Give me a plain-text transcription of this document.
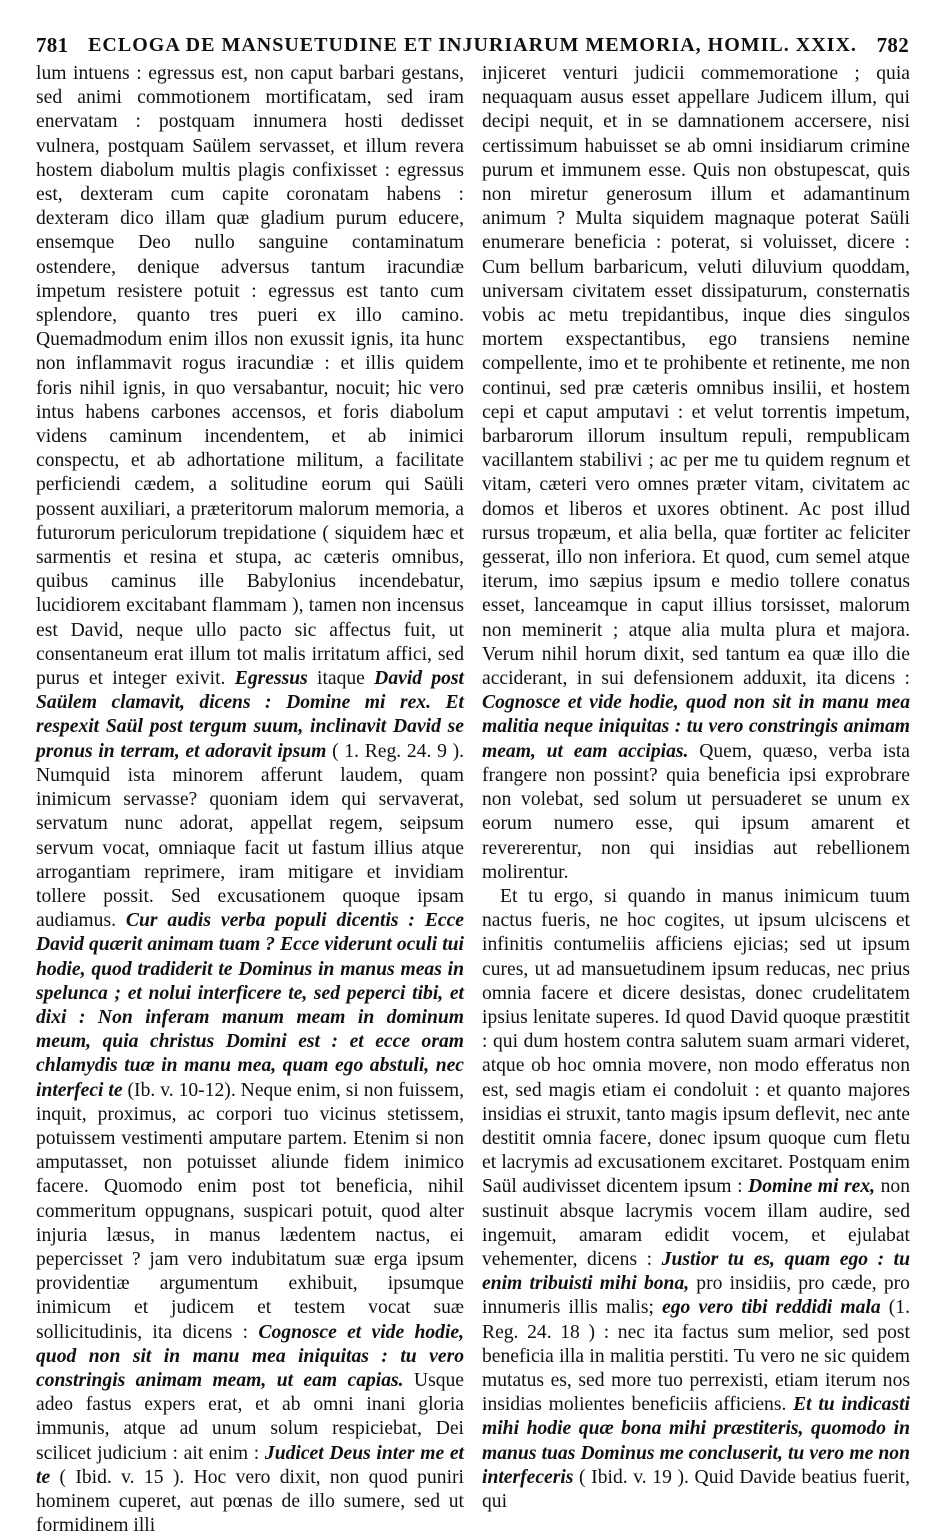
781 ECLOGA DE MANSUETUDINE ET INJURIARUM MEMORIA, HOMIL. XXIX. 782

lum intuens : egressus est, non caput barbari gestans, sed animi commotionem mortificatam, sed iram enervatam : postquam innumera hosti dedisset vulnera, postquam Saülem servasset, et illum revera hostem diabolum multis plagis confixisset : egressus est, dexteram cum capite coronatam habens : dexteram dico illam quæ gladium purum educere, ensemque Deo nullo sanguine contaminatum ostendere, denique adversus tantum iracundiæ impetum resistere potuit : egressus est tanto cum splendore, quanto tres pueri ex illo camino. Quemadmodum enim illos non exussit ignis, ita hunc non inflammavit rogus iracundiæ : et illis quidem foris nihil ignis, in quo versabantur, nocuit; hic vero intus habens carbones accensos, et foris diabolum videns caminum incendentem, et ab inimici conspectu, et ab adhortatione militum, a facilitate perficiendi cædem, a solitudine eorum qui Saüli possent auxiliari, a præteritorum malorum memoria, a futurorum periculorum trepidatione ( siquidem hæc et sarmentis et resina et stupa, ac cæteris omnibus, quibus caminus ille Babylonius incendebatur, lucidiorem excitabant flammam ), tamen non incensus est David, neque ullo pacto sic affectus fuit, ut consentaneum erat illum tot malis irritatum affici, sed purus et integer exivit. Egressus itaque David post Saülem clamavit, dicens : Domine mi rex. Et respexit Saül post tergum suum, inclinavit David se pronus in terram, et adoravit ipsum ( 1. Reg. 24. 9 ). Numquid ista minorem afferunt laudem, quam inimicum servasse? quoniam idem qui servaverat, servatum nunc adorat, appellat regem, seipsum servum vocat, omniaque facit ut fastum illius atque arrogantiam reprimere, iram mitigare et invidiam tollere possit. Sed excusationem quoque ipsam audiamus. Cur audis verba populi dicentis : Ecce David quærit animam tuam ? Ecce viderunt oculi tui hodie, quod tradiderit te Dominus in manus meas in spelunca ; et nolui interficere te, sed peperci tibi, et dixi : Non inferam manum meam in dominum meum, quia christus Domini est : et ecce oram chlamydis tuæ in manu mea, quam ego abstuli, nec interfeci te (Ib. v. 10-12). Neque enim, si non fuissem, inquit, proximus, ac corpori tuo vicinus stetissem, potuissem vestimenti amputare partem. Etenim si non amputasset, non potuisset aliunde fidem inimico facere. Quomodo enim post tot beneficia, nihil commeritum oppugnans, suspicari potuit, quod alter injuria læsus, in manus lædentem nactus, ei pepercisset ? jam vero indubitatum suæ erga ipsum providentiæ argumentum exhibuit, ipsumque inimicum et judicem et testem vocat suæ sollicitudinis, ita dicens : Cognosce et vide hodie, quod non sit in manu mea iniquitas : tu vero constringis animam meam, ut eam capias. Usque adeo fastus expers erat, et ab omni inani gloria immunis, atque ad unum solum respiciebat, Dei scilicet judicium : ait enim : Judicet Deus inter me et te ( Ibid. v. 15 ). Hoc vero dixit, non quod puniri hominem cuperet, aut pœnas de illo sumere, sed ut formidinem illi

injiceret venturi judicii commemoratione ; quia nequaquam ausus esset appellare Judicem illum, qui decipi nequit, et in se damnationem accersere, nisi certissimum habuisset se ab omni insidiarum crimine purum et immunem esse. Quis non obstupescat, quis non miretur generosum illum et adamantinum animum ? Multa siquidem magnaque poterat Saüli enumerare beneficia : poterat, si voluisset, dicere : Cum bellum barbaricum, veluti diluvium quoddam, universam civitatem esset dissipaturum, consternatis vobis ac metu trepidantibus, inque dies singulos mortem exspectantibus, ego transiens nemine compellente, imo et te prohibente et retinente, me non continui, sed præ cæteris omnibus insilii, et hostem cepi et caput amputavi : et velut torrentis impetum, barbarorum illorum insultum repuli, rempublicam vacillantem stabilivi ; ac per me tu quidem regnum et vitam, cæteri vero omnes præter vitam, civitatem ac domos et liberos et uxores obtinent. Ac post illud rursus tropæum, et alia bella, quæ fortiter ac feliciter gesserat, illo non inferiora. Et quod, cum semel atque iterum, imo sæpius ipsum e medio tollere conatus esset, lanceamque in caput illius torsisset, malorum non meminerit ; atque alia multa plura et majora. Verum nihil horum dixit, sed tantum ea quæ illo die acciderant, in sui defensionem adduxit, ita dicens : Cognosce et vide hodie, quod non sit in manu mea malitia neque iniquitas : tu vero constringis animam meam, ut eam accipias. Quem, quæso, verba ista frangere non possint? quia beneficia ipsi exprobrare non volebat, sed solum ut persuaderet se unum ex eorum numero esse, qui ipsum amarent et revererentur, non qui insidias aut rebellionem molirentur.

Et tu ergo, si quando in manus inimicum tuum nactus fueris, ne hoc cogites, ut ipsum ulciscens et infinitis contumeliis afficiens ejicias; sed ut ipsum cures, ut ad mansuetudinem ipsum reducas, nec prius omnia facere et dicere desistas, donec crudelitatem ipsius lenitate superes. Id quod David quoque præstitit : qui dum hostem contra salutem suam armari videret, atque ob hoc omnia movere, non modo efferatus non est, sed magis etiam ei condoluit : et quanto majores insidias ei struxit, tanto magis ipsum deflevit, nec ante destitit omnia facere, donec ipsum quoque cum fletu et lacrymis ad excusationem excitaret. Postquam enim Saül audivisset dicentem ipsum : Domine mi rex, non sustinuit absque lacrymis vocem illam audire, sed ingemuit, amaram edidit vocem, et ejulabat vehementer, dicens : Justior tu es, quam ego : tu enim tribuisti mihi bona, pro insidiis, pro cæde, pro innumeris illis malis; ego vero tibi reddidi mala (1. Reg. 24. 18 ) : nec ita factus sum melior, sed post beneficia illa in malitia perstiti. Tu vero ne sic quidem mutatus es, sed more tuo perrexisti, etiam iterum nos insidias molientes beneficiis afficiens. Et tu indicasti mihi hodie quæ bona mihi præstiteris, quomodo in manus tuas Dominus me concluserit, tu vero me non interfeceris ( Ibid. v. 19 ). Quid Davide beatius fuerit, qui
